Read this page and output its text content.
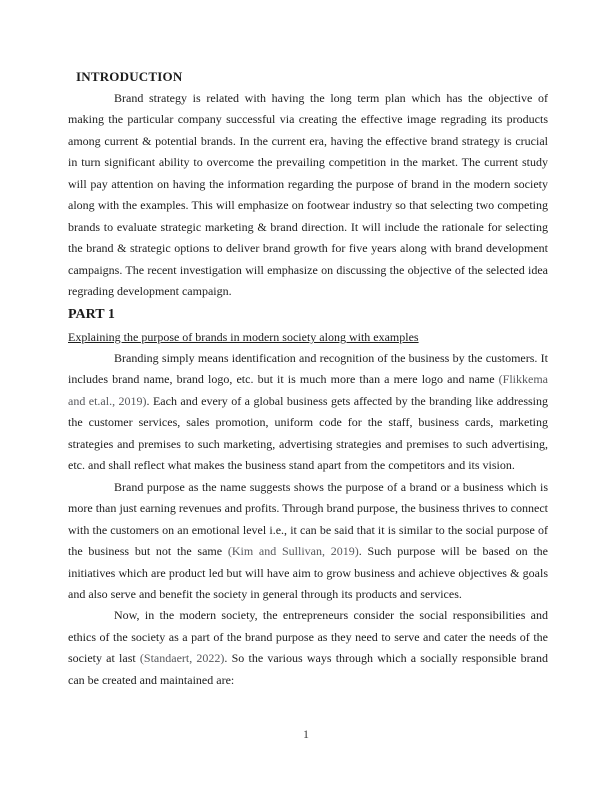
INTRODUCTION

Brand strategy is related with having the long term plan which has the objective of making the particular company successful via creating the effective image regrading its products among current & potential brands. In the current era, having the effective brand strategy is crucial in turn significant ability to overcome the prevailing competition in the market. The current study will pay attention on having the information regarding the purpose of brand in the modern society along with the examples. This will emphasize on footwear industry so that selecting two competing brands to evaluate strategic marketing & brand direction. It will include the rationale for selecting the brand & strategic options to deliver brand growth for five years along with brand development campaigns. The recent investigation will emphasize on discussing the objective of the selected idea regrading development campaign.

PART 1
Explaining the purpose of brands in modern society along with examples

Branding simply means identification and recognition of the business by the customers. It includes brand name, brand logo, etc. but it is much more than a mere logo and name (Flikkema and et.al., 2019). Each and every of a global business gets affected by the branding like addressing the customer services, sales promotion, uniform code for the staff, business cards, marketing strategies and premises to such marketing, advertising strategies and premises to such advertising, etc. and shall reflect what makes the business stand apart from the competitors and its vision.

Brand purpose as the name suggests shows the purpose of a brand or a business which is more than just earning revenues and profits. Through brand purpose, the business thrives to connect with the customers on an emotional level i.e., it can be said that it is similar to the social purpose of the business but not the same (Kim and Sullivan, 2019). Such purpose will be based on the initiatives which are product led but will have aim to grow business and achieve objectives & goals and also serve and benefit the society in general through its products and services.

Now, in the modern society, the entrepreneurs consider the social responsibilities and ethics of the society as a part of the brand purpose as they need to serve and cater the needs of the society at last (Standaert, 2022). So the various ways through which a socially responsible brand can be created and maintained are:

1
